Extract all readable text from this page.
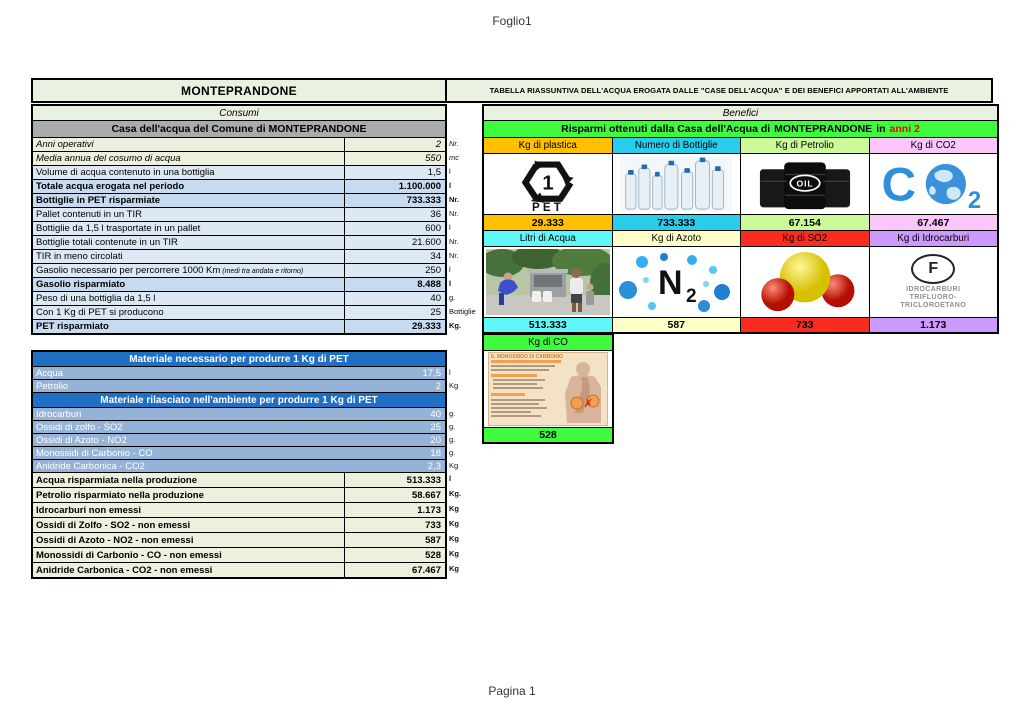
Foglio1
Pagina 1
MONTEPRANDONE	TABELLA RIASSUNTIVA DELL'ACQUA EROGATA DALLE "CASE DELL'ACQUA" E DEI BENEFICI APPORTATI ALL'AMBIENTE
Consumi
Casa dell'acqua del Comune di MONTEPRANDONE
Anni operativi	2	Nr.
Media annua del cosumo di acqua	550	mc
Volume di acqua contenuto in una bottiglia	1,5	l
Totale acqua erogata nel periodo	1.100.000	l
Bottiglie in PET risparmiate	733.333	Nr.
Pallet contenuti in un TIR	36	Nr.
Bottiglie da 1,5 l trasportate in un pallet	600	l
Bottiglie totali contenute in un TIR	21.600	Nr.
TIR in meno circolati	34	Nr.
Gasolio necessario per percorrere 1000 Km (medi tra andata e ritorno)	250	l
Gasolio risparmiato	8.488	l
Peso di una bottiglia da 1,5 l	40	g.
Con 1 Kg di PET si producono	25	Bottiglie
PET risparmiato	29.333	Kg.
Materiale necessario per produrre 1 Kg di PET
Acqua	17,5	l
Petrolio	2	Kg
Materiale rilasciato nell'ambiente per produrre 1 Kg di PET
Idrocarburi	40	g.
Ossidi di zolfo - SO2	25	g.
Ossidi di Azoto - NO2	20	g.
Monossidi di Carbonio - CO	18	g.
Anidride Carbonica - CO2	2,3	Kg
Acqua risparmiata nella produzione	513.333	l
Petrolio risparmiato nella produzione	58.667	Kg.
Idrocarburi non emessi	1.173	Kg
Ossidi di Zolfo - SO2 - non emessi	733	Kg
Ossidi di Azoto - NO2 - non emessi	587	Kg
Monossidi di Carbonio - CO - non emessi	528	Kg
Anidride Carbonica - CO2 - non emessi	67.467	Kg
Benefici
Risparmi ottenuti dalla Casa dell'Acqua di MONTEPRANDONE in anni 2
Kg di plastica	Numero di Bottiglie	Kg di Petrolio	Kg di CO2
1
PET
OIL C 2
29.333	733.333	67.154	67.467
Litri di Acqua	Kg di Azoto	Kg di SO2	Kg di Idrocarburi
N 2
F
IDROCARBURI
TRIFLUORO-
TRICLOROETANO
513.333	587	733	1.173
Kg di CO
IL MONOSSIDO DI CARBONIO
✗
528
